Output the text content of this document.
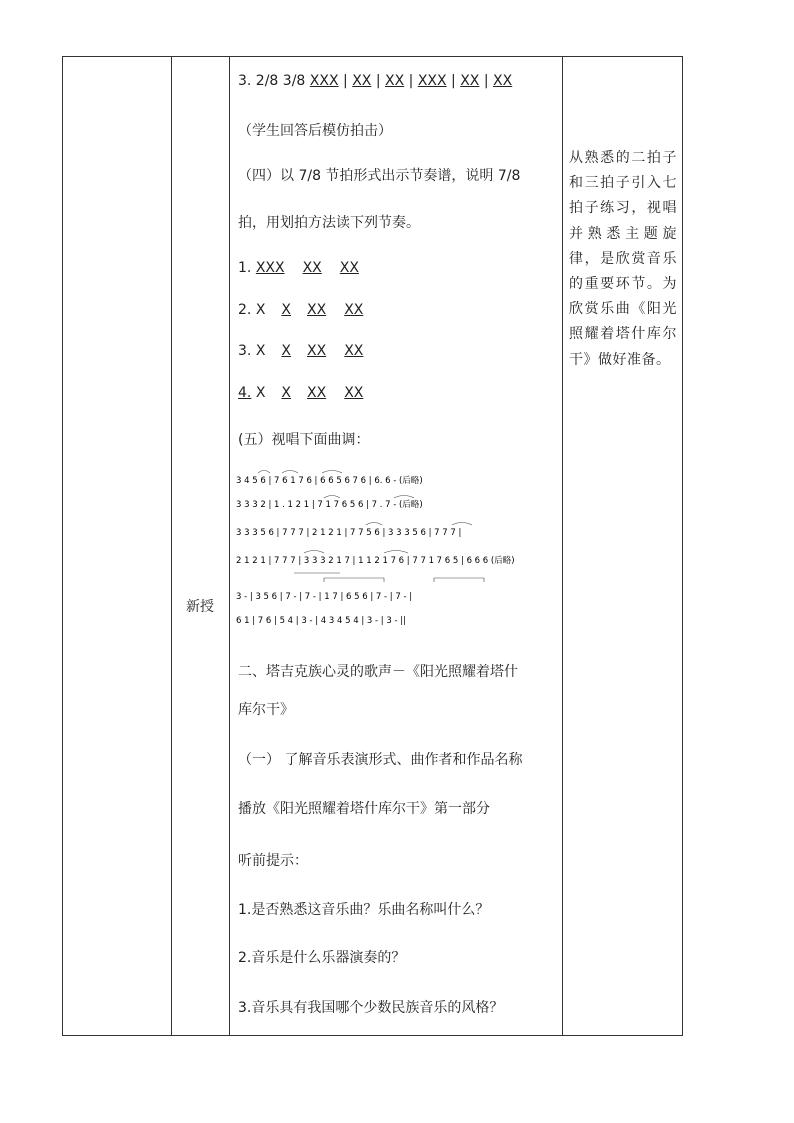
新授
3. 2/8 3/8 XXX | XX | XX | XXX | XX | XX
（学生回答后模仿拍击）
（四）以 7/8 节拍形式出示节奏谱，说明 7/8
拍，用划拍方法读下列节奏。
1. XXX XX XX
2. X X XX XX
3. X X XX XX
4. X X XX XX
(五）视唱下面曲调：
3 4 5 6 | 7 6 1 7 6 | 6 6 5 6 7 6 | 6. 6 - (后略)
3 3 3 2 | 1 . 1 2 1 | 7 1 7 6 5 6 | 7 . 7 - (后略)
3 3 3 5 6 | 7 7 7 | 2 1 2 1 | 7 7 5 6 | 3 3 3 5 6 | 7 7 7 |
2 1 2 1 | 7 7 7 | 3 3 3 2 1 7 | 1 1 2 1 7 6 | 7 7 1 7 6 5 | 6 6 6 (后略)
3 - | 3 5 6 | 7 - | 7 - | 1 7 | 6 5 6 | 7 - | 7 - |
6 1 | 7 6 | 5 4 | 3 - | 4 3 4 5 4 | 3 - | 3 - ||
二、塔吉克族心灵的歌声－《阳光照耀着塔什
库尔干》
（一） 了解音乐表演形式、曲作者和作品名称
播放《阳光照耀着塔什库尔干》第一部分
听前提示：
1.是否熟悉这音乐曲？乐曲名称叫什么？
2.音乐是什么乐器演奏的？
3.音乐具有我国哪个少数民族音乐的风格？
从熟悉的二拍子和三拍子引入七拍子练习，视唱并熟悉主题旋律，是欣赏音乐的重要环节。为欣赏乐曲《阳光照耀着塔什库尔干》做好准备。
